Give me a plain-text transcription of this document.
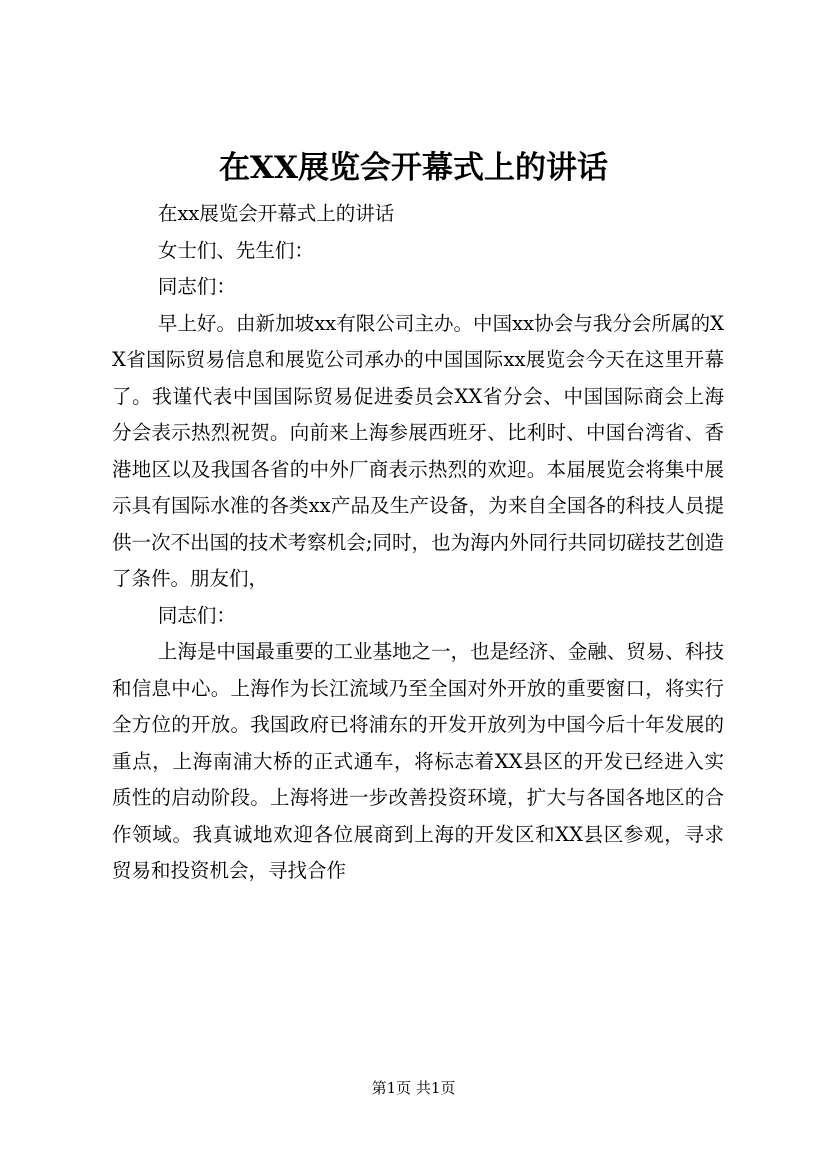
在XX展览会开幕式上的讲话

在xx展览会开幕式上的讲话

女士们、先生们：

同志们：

早上好。由新加坡xx有限公司主办。中国xx协会与我分会所属的XX省国际贸易信息和展览公司承办的中国国际xx展览会今天在这里开幕了。我谨代表中国国际贸易促进委员会XX省分会、中国国际商会上海分会表示热烈祝贺。向前来上海参展西班牙、比利时、中国台湾省、香港地区以及我国各省的中外厂商表示热烈的欢迎。本届展览会将集中展示具有国际水准的各类xx产品及生产设备，为来自全国各的科技人员提供一次不出国的技术考察机会;同时，也为海内外同行共同切磋技艺创造了条件。朋友们，

同志们：

上海是中国最重要的工业基地之一，也是经济、金融、贸易、科技和信息中心。上海作为长江流域乃至全国对外开放的重要窗口，将实行全方位的开放。我国政府已将浦东的开发开放列为中国今后十年发展的重点，上海南浦大桥的正式通车，将标志着XX县区的开发已经进入实质性的启动阶段。上海将进一步改善投资环境，扩大与各国各地区的合作领域。我真诚地欢迎各位展商到上海的开发区和XX县区参观，寻求贸易和投资机会，寻找合作

第1页 共1页
